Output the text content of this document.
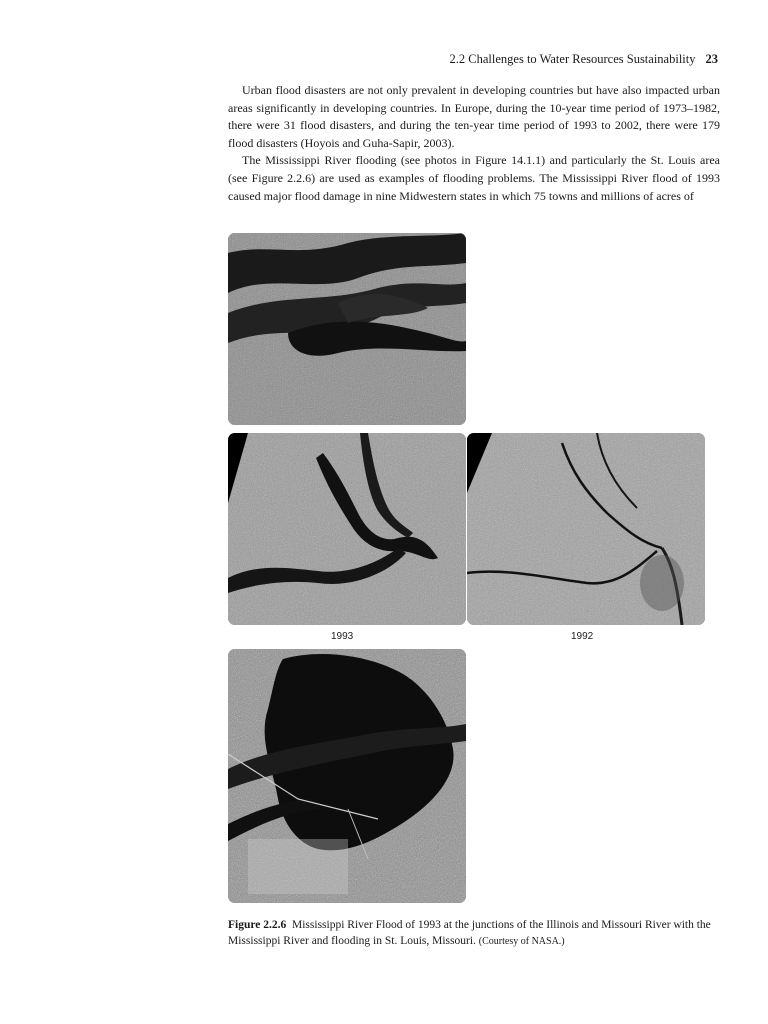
2.2 Challenges to Water Resources Sustainability 23

Urban flood disasters are not only prevalent in developing countries but have also impacted urban areas significantly in developing countries. In Europe, during the 10-year time period of 1973–1982, there were 31 flood disasters, and during the ten-year time period of 1993 to 2002, there were 179 flood disasters (Hoyois and Guha-Sapir, 2003).

The Mississippi River flooding (see photos in Figure 14.1.1) and particularly the St. Louis area (see Figure 2.2.6) are used as examples of flooding problems. The Mississippi River flood of 1993 caused major flood damage in nine Midwestern states in which 75 towns and millions of acres of

1993	1992
Figure 2.2.6 Mississippi River Flood of 1993 at the junctions of the Illinois and Missouri River with the Mississippi River and flooding in St. Louis, Missouri. (Courtesy of NASA.)
